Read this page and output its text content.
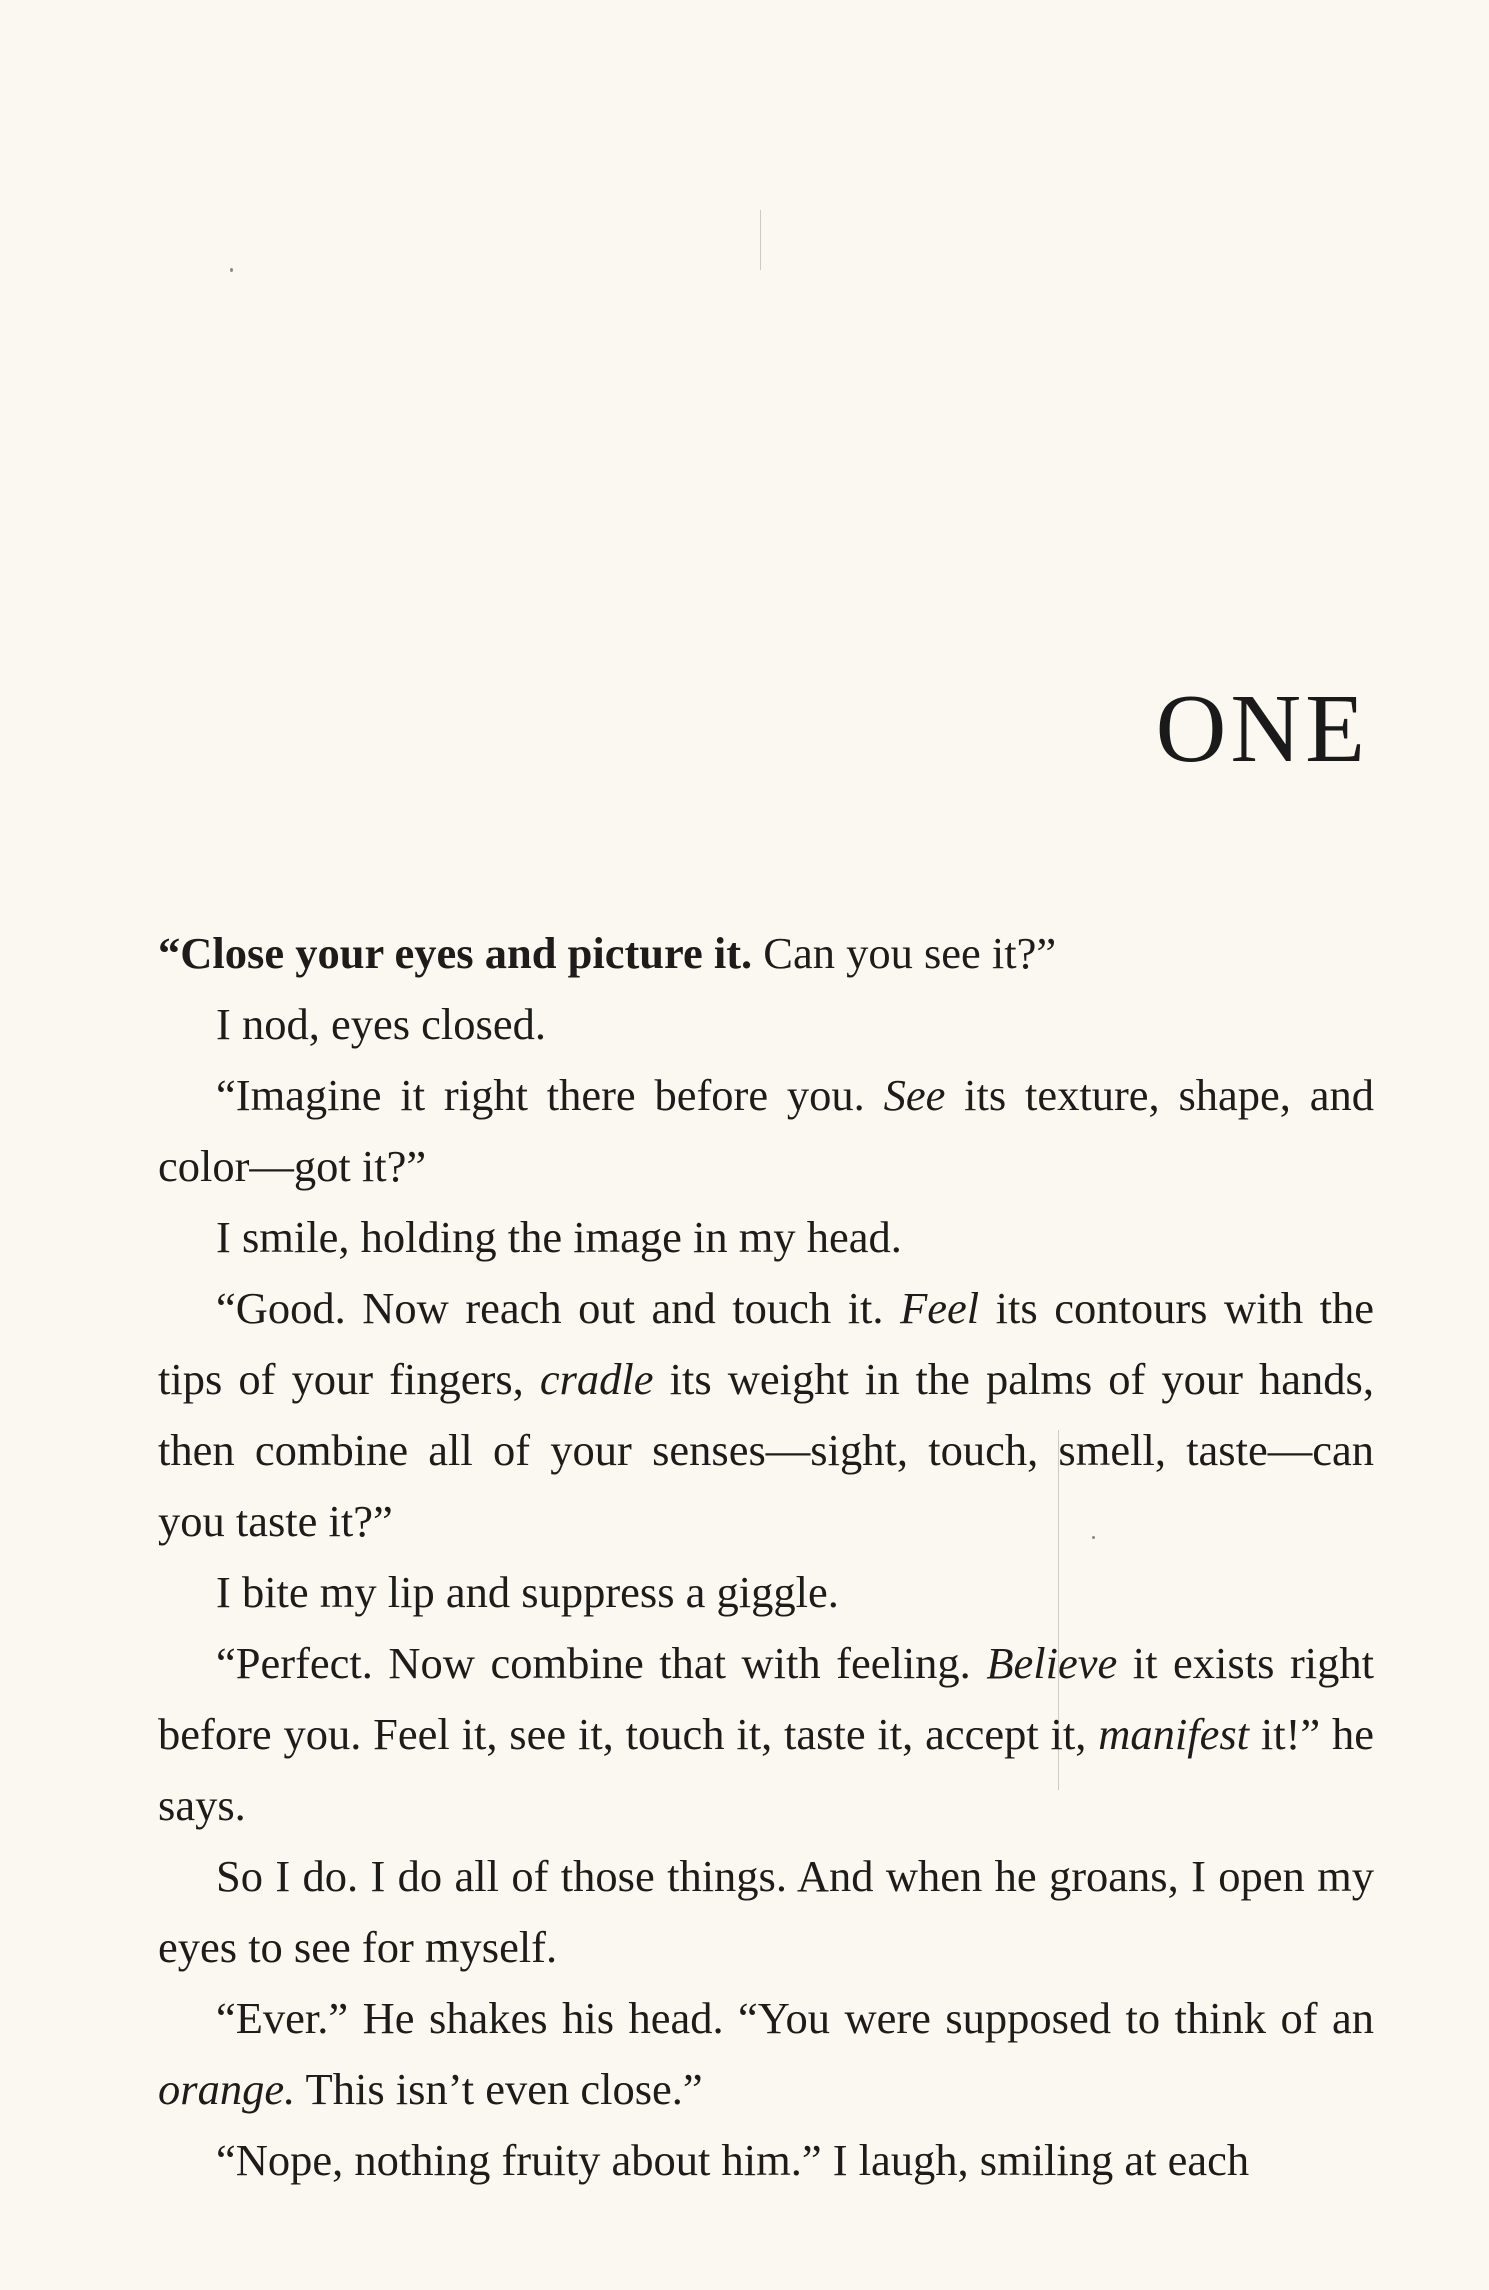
ONE

“Close your eyes and picture it. Can you see it?”

I nod, eyes closed.

“Imagine it right there before you. See its texture, shape, and color—got it?”

I smile, holding the image in my head.

“Good. Now reach out and touch it. Feel its contours with the tips of your fingers, cradle its weight in the palms of your hands, then combine all of your senses—sight, touch, smell, taste—can you taste it?”

I bite my lip and suppress a giggle.

“Perfect. Now combine that with feeling. Believe it exists right before you. Feel it, see it, touch it, taste it, accept it, manifest it!” he says.

So I do. I do all of those things. And when he groans, I open my eyes to see for myself.

“Ever.” He shakes his head. “You were supposed to think of an orange. This isn’t even close.”

“Nope, nothing fruity about him.” I laugh, smiling at each
